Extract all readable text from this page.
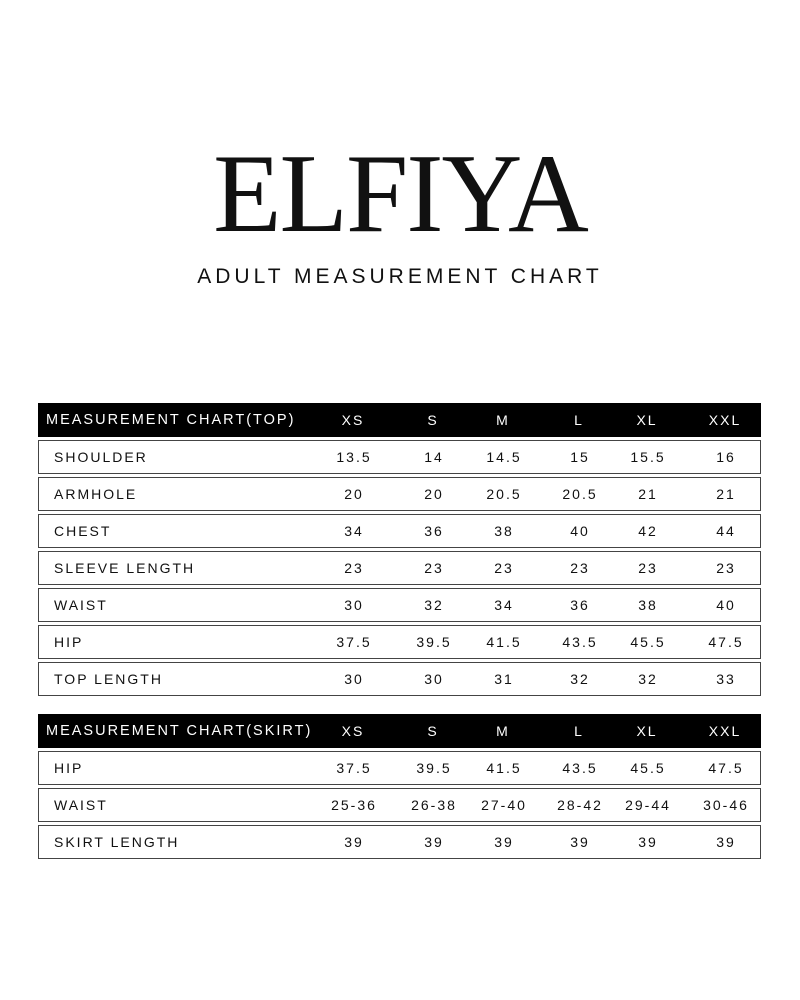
ELFIYA
ADULT MEASUREMENT CHART
MEASUREMENT CHART(TOP)	XS	S	M	L	XL	XXL
SHOULDER	13.5	14	14.5	15	15.5	16
ARMHOLE	20	20	20.5	20.5	21	21
CHEST	34	36	38	40	42	44
SLEEVE LENGTH	23	23	23	23	23	23
WAIST	30	32	34	36	38	40
HIP	37.5	39.5	41.5	43.5	45.5	47.5
TOP LENGTH	30	30	31	32	32	33
MEASUREMENT CHART(SKIRT)	XS	S	M	L	XL	XXL
HIP	37.5	39.5	41.5	43.5	45.5	47.5
WAIST	25-36	26-38	27-40	28-42	29-44	30-46
SKIRT LENGTH	39	39	39	39	39	39
